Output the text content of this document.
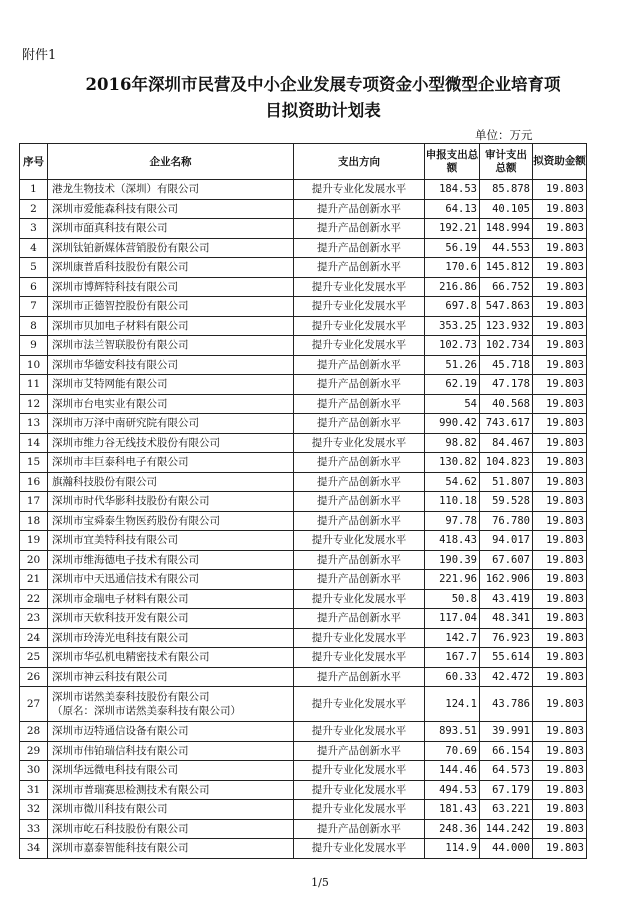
附件1
2016年深圳市民营及中小企业发展专项资金小型微型企业培育项
目拟资助计划表
单位：万元
序号	企业名称	支出方向	申报支出总额	审计支出总额	拟资助金额
1	港龙生物技术（深圳）有限公司	提升专业化发展水平	184.53	85.878	19.803
2	深圳市爱能森科技有限公司	提升产品创新水平	64.13	40.105	19.803
3	深圳市皕真科技有限公司	提升产品创新水平	192.21	148.994	19.803
4	深圳钛铂新媒体营销股份有限公司	提升产品创新水平	56.19	44.553	19.803
5	深圳康普盾科技股份有限公司	提升产品创新水平	170.6	145.812	19.803
6	深圳市博辉特科技有限公司	提升专业化发展水平	216.86	66.752	19.803
7	深圳市正德智控股份有限公司	提升专业化发展水平	697.8	547.863	19.803
8	深圳市贝加电子材料有限公司	提升专业化发展水平	353.25	123.932	19.803
9	深圳市法兰智联股份有限公司	提升专业化发展水平	102.73	102.734	19.803
10	深圳市华德安科技有限公司	提升产品创新水平	51.26	45.718	19.803
11	深圳市艾特网能有限公司	提升产品创新水平	62.19	47.178	19.803
12	深圳市台电实业有限公司	提升产品创新水平	54	40.568	19.803
13	深圳市万泽中南研究院有限公司	提升产品创新水平	990.42	743.617	19.803
14	深圳市维力谷无线技术股份有限公司	提升专业化发展水平	98.82	84.467	19.803
15	深圳市丰巨泰科电子有限公司	提升产品创新水平	130.82	104.823	19.803
16	旗瀚科技股份有限公司	提升产品创新水平	54.62	51.807	19.803
17	深圳市时代华影科技股份有限公司	提升产品创新水平	110.18	59.528	19.803
18	深圳市宝舜泰生物医药股份有限公司	提升产品创新水平	97.78	76.780	19.803
19	深圳市宜美特科技有限公司	提升专业化发展水平	418.43	94.017	19.803
20	深圳市维海德电子技术有限公司	提升产品创新水平	190.39	67.607	19.803
21	深圳市中天迅通信技术有限公司	提升产品创新水平	221.96	162.906	19.803
22	深圳市金瑞电子材料有限公司	提升专业化发展水平	50.8	43.419	19.803
23	深圳市天软科技开发有限公司	提升产品创新水平	117.04	48.341	19.803
24	深圳市玲涛光电科技有限公司	提升专业化发展水平	142.7	76.923	19.803
25	深圳市华弘机电精密技术有限公司	提升专业化发展水平	167.7	55.614	19.803
26	深圳市神云科技有限公司	提升产品创新水平	60.33	42.472	19.803
27	深圳市诺然美泰科技股份有限公司
（原名：深圳市诺然美泰科技有限公司）	提升专业化发展水平	124.1	43.786	19.803
28	深圳市迈特通信设备有限公司	提升专业化发展水平	893.51	39.991	19.803
29	深圳市伟铂瑞信科技有限公司	提升产品创新水平	70.69	66.154	19.803
30	深圳华远微电科技有限公司	提升专业化发展水平	144.46	64.573	19.803
31	深圳市普瑞赛思检测技术有限公司	提升专业化发展水平	494.53	67.179	19.803
32	深圳市微川科技有限公司	提升专业化发展水平	181.43	63.221	19.803
33	深圳市屹石科技股份有限公司	提升产品创新水平	248.36	144.242	19.803
34	深圳市嘉泰智能科技有限公司	提升专业化发展水平	114.9	44.000	19.803
1/5
